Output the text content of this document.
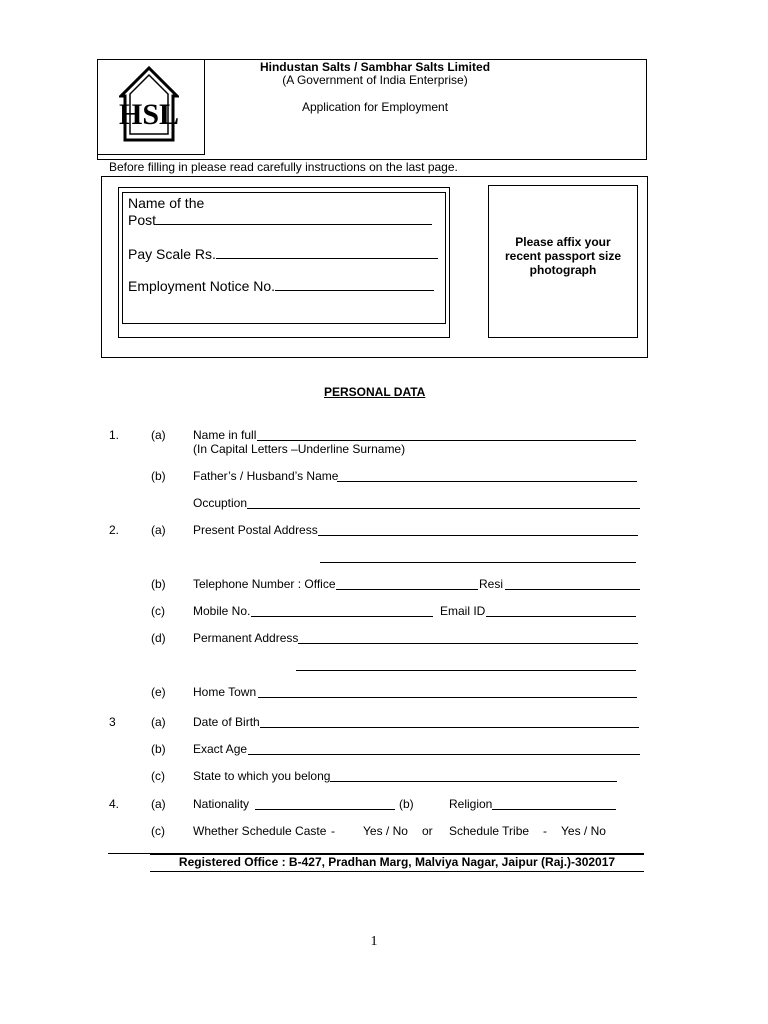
HSL
Hindustan Salts / Sambhar Salts Limited
(A Government of India Enterprise)
Application for Employment
Before filling in please read carefully instructions on the last page.
Name of the
Post
Pay Scale Rs.
Employment Notice No.
Please affix your recent passport size photograph
PERSONAL DATA
1.	(a) Name in full
(In Capital Letters –Underline Surname)
(b) Father’s / Husband’s Name
Occuption
2.	(a) Present Postal Address
(b) Telephone Number : Office	Resi
(c) Mobile No.	Email ID
(d) Permanent Address
(e) Home Town
3	(a) Date of Birth
(b) Exact Age
(c) State to which you belong
4.	(a) Nationality	(b)	Religion
(c) Whether Schedule Caste - Yes / No or Schedule Tribe - Yes / No
Registered Office : B-427, Pradhan Marg, Malviya Nagar, Jaipur (Raj.)-302017
1
